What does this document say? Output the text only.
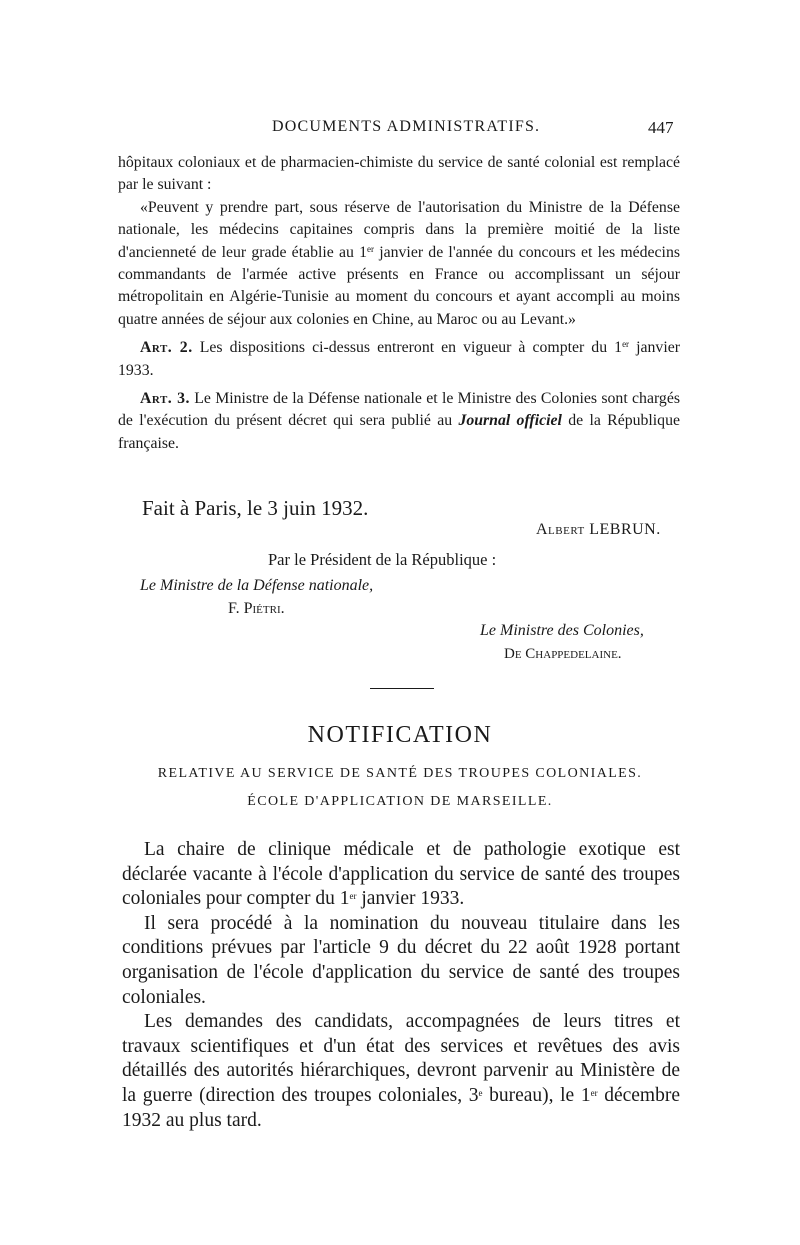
DOCUMENTS ADMINISTRATIFS.	447

hôpitaux coloniaux et de pharmacien-chimiste du service de santé colonial est remplacé par le suivant :

«Peuvent y prendre part, sous réserve de l'autorisation du Ministre de la Défense nationale, les médecins capitaines compris dans la première moitié de la liste d'ancienneté de leur grade établie au 1er janvier de l'année du concours et les médecins commandants de l'armée active présents en France ou accomplissant un séjour métropolitain en Algérie-Tunisie au moment du concours et ayant accompli au moins quatre années de séjour aux colonies en Chine, au Maroc ou au Levant.»

Art. 2. Les dispositions ci-dessus entreront en vigueur à compter du 1er janvier 1933.

Art. 3. Le Ministre de la Défense nationale et le Ministre des Colonies sont chargés de l'exécution du présent décret qui sera publié au Journal officiel de la République française.

Fait à Paris, le 3 juin 1932.
Albert LEBRUN.
Par le Président de la République :
Le Ministre de la Défense nationale,
F. Piétri.
Le Ministre des Colonies,
De Chappedelaine.
NOTIFICATION
RELATIVE AU SERVICE DE SANTÉ DES TROUPES COLONIALES.
ÉCOLE D'APPLICATION DE MARSEILLE.

La chaire de clinique médicale et de pathologie exotique est déclarée vacante à l'école d'application du service de santé des troupes coloniales pour compter du 1er janvier 1933.

Il sera procédé à la nomination du nouveau titulaire dans les conditions prévues par l'article 9 du décret du 22 août 1928 portant organisation de l'école d'application du service de santé des troupes coloniales.

Les demandes des candidats, accompagnées de leurs titres et travaux scientifiques et d'un état des services et revêtues des avis détaillés des autorités hiérarchiques, devront parvenir au Ministère de la guerre (direction des troupes coloniales, 3e bureau), le 1er décembre 1932 au plus tard.
